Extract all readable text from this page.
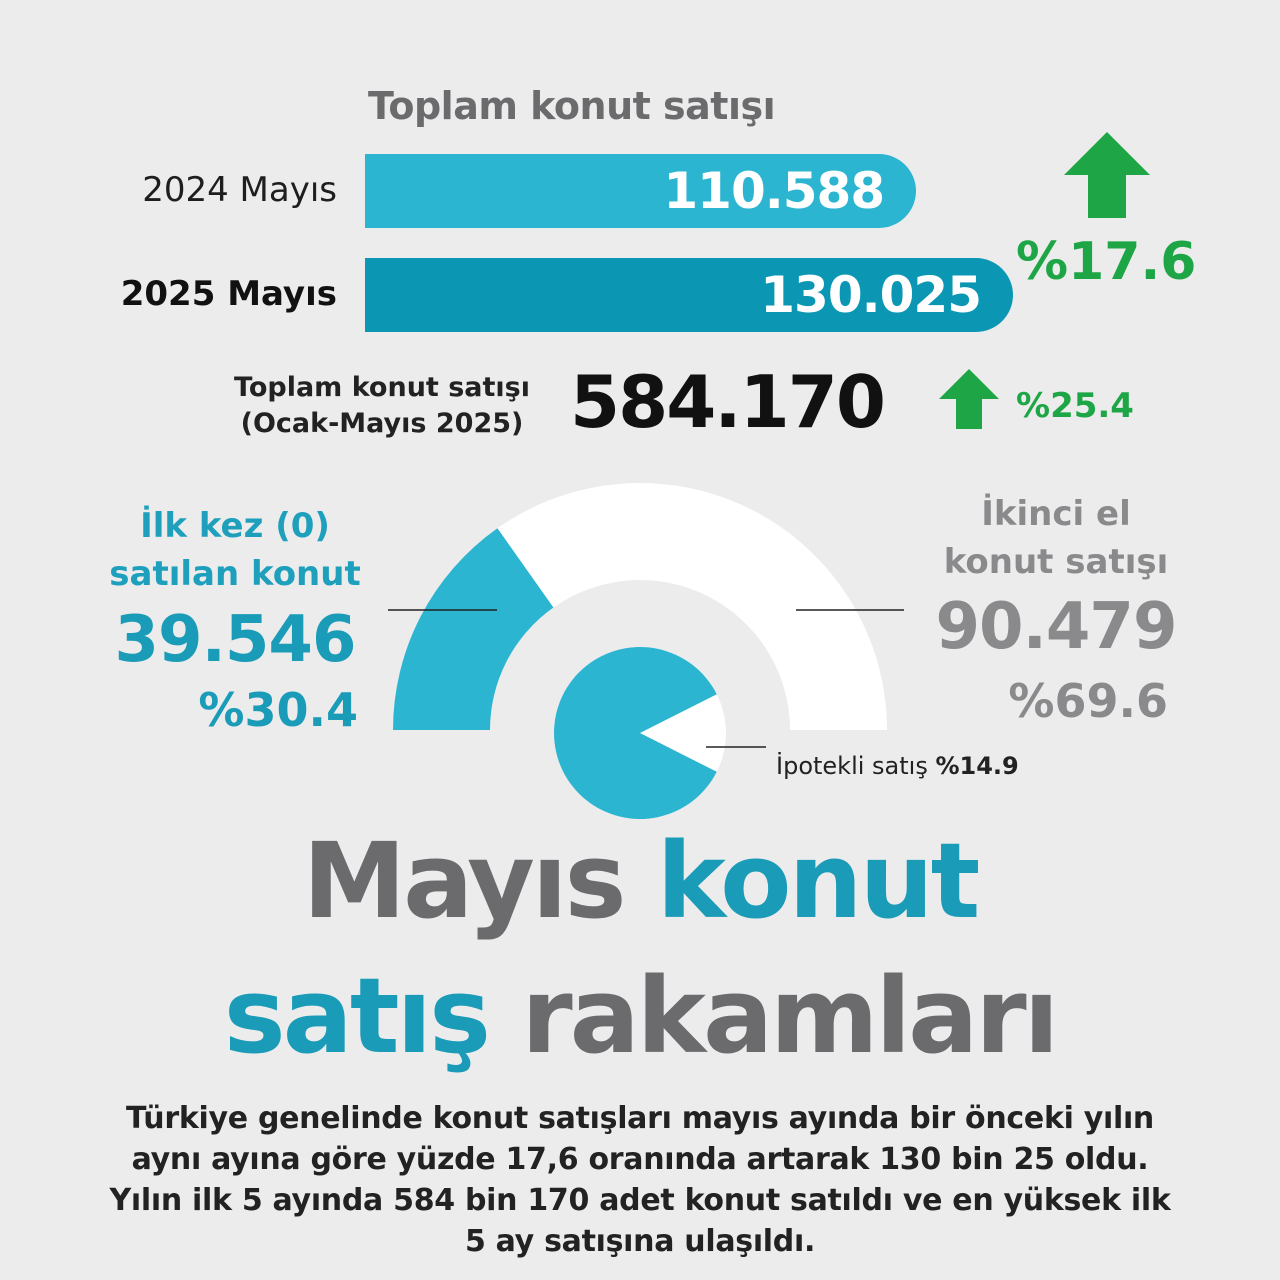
Toplam konut satışı
2024 Mayıs	110.588
2025 Mayıs	130.025
%17.6
Toplam konut satışı
(Ocak-Mayıs 2025) 584.170	%25.4
İlk kez (0)
satılan konut
39.546
%30.4
İkinci el
konut satışı
90.479
%69.6
İpotekli satış %14.9
Mayıs konut
satış rakamları
Türkiye genelinde konut satışları mayıs ayında bir önceki yılın aynı ayına göre yüzde 17,6 oranında artarak 130 bin 25 oldu. Yılın ilk 5 ayında 584 bin 170 adet konut satıldı ve en yüksek ilk 5 ay satışına ulaşıldı.
